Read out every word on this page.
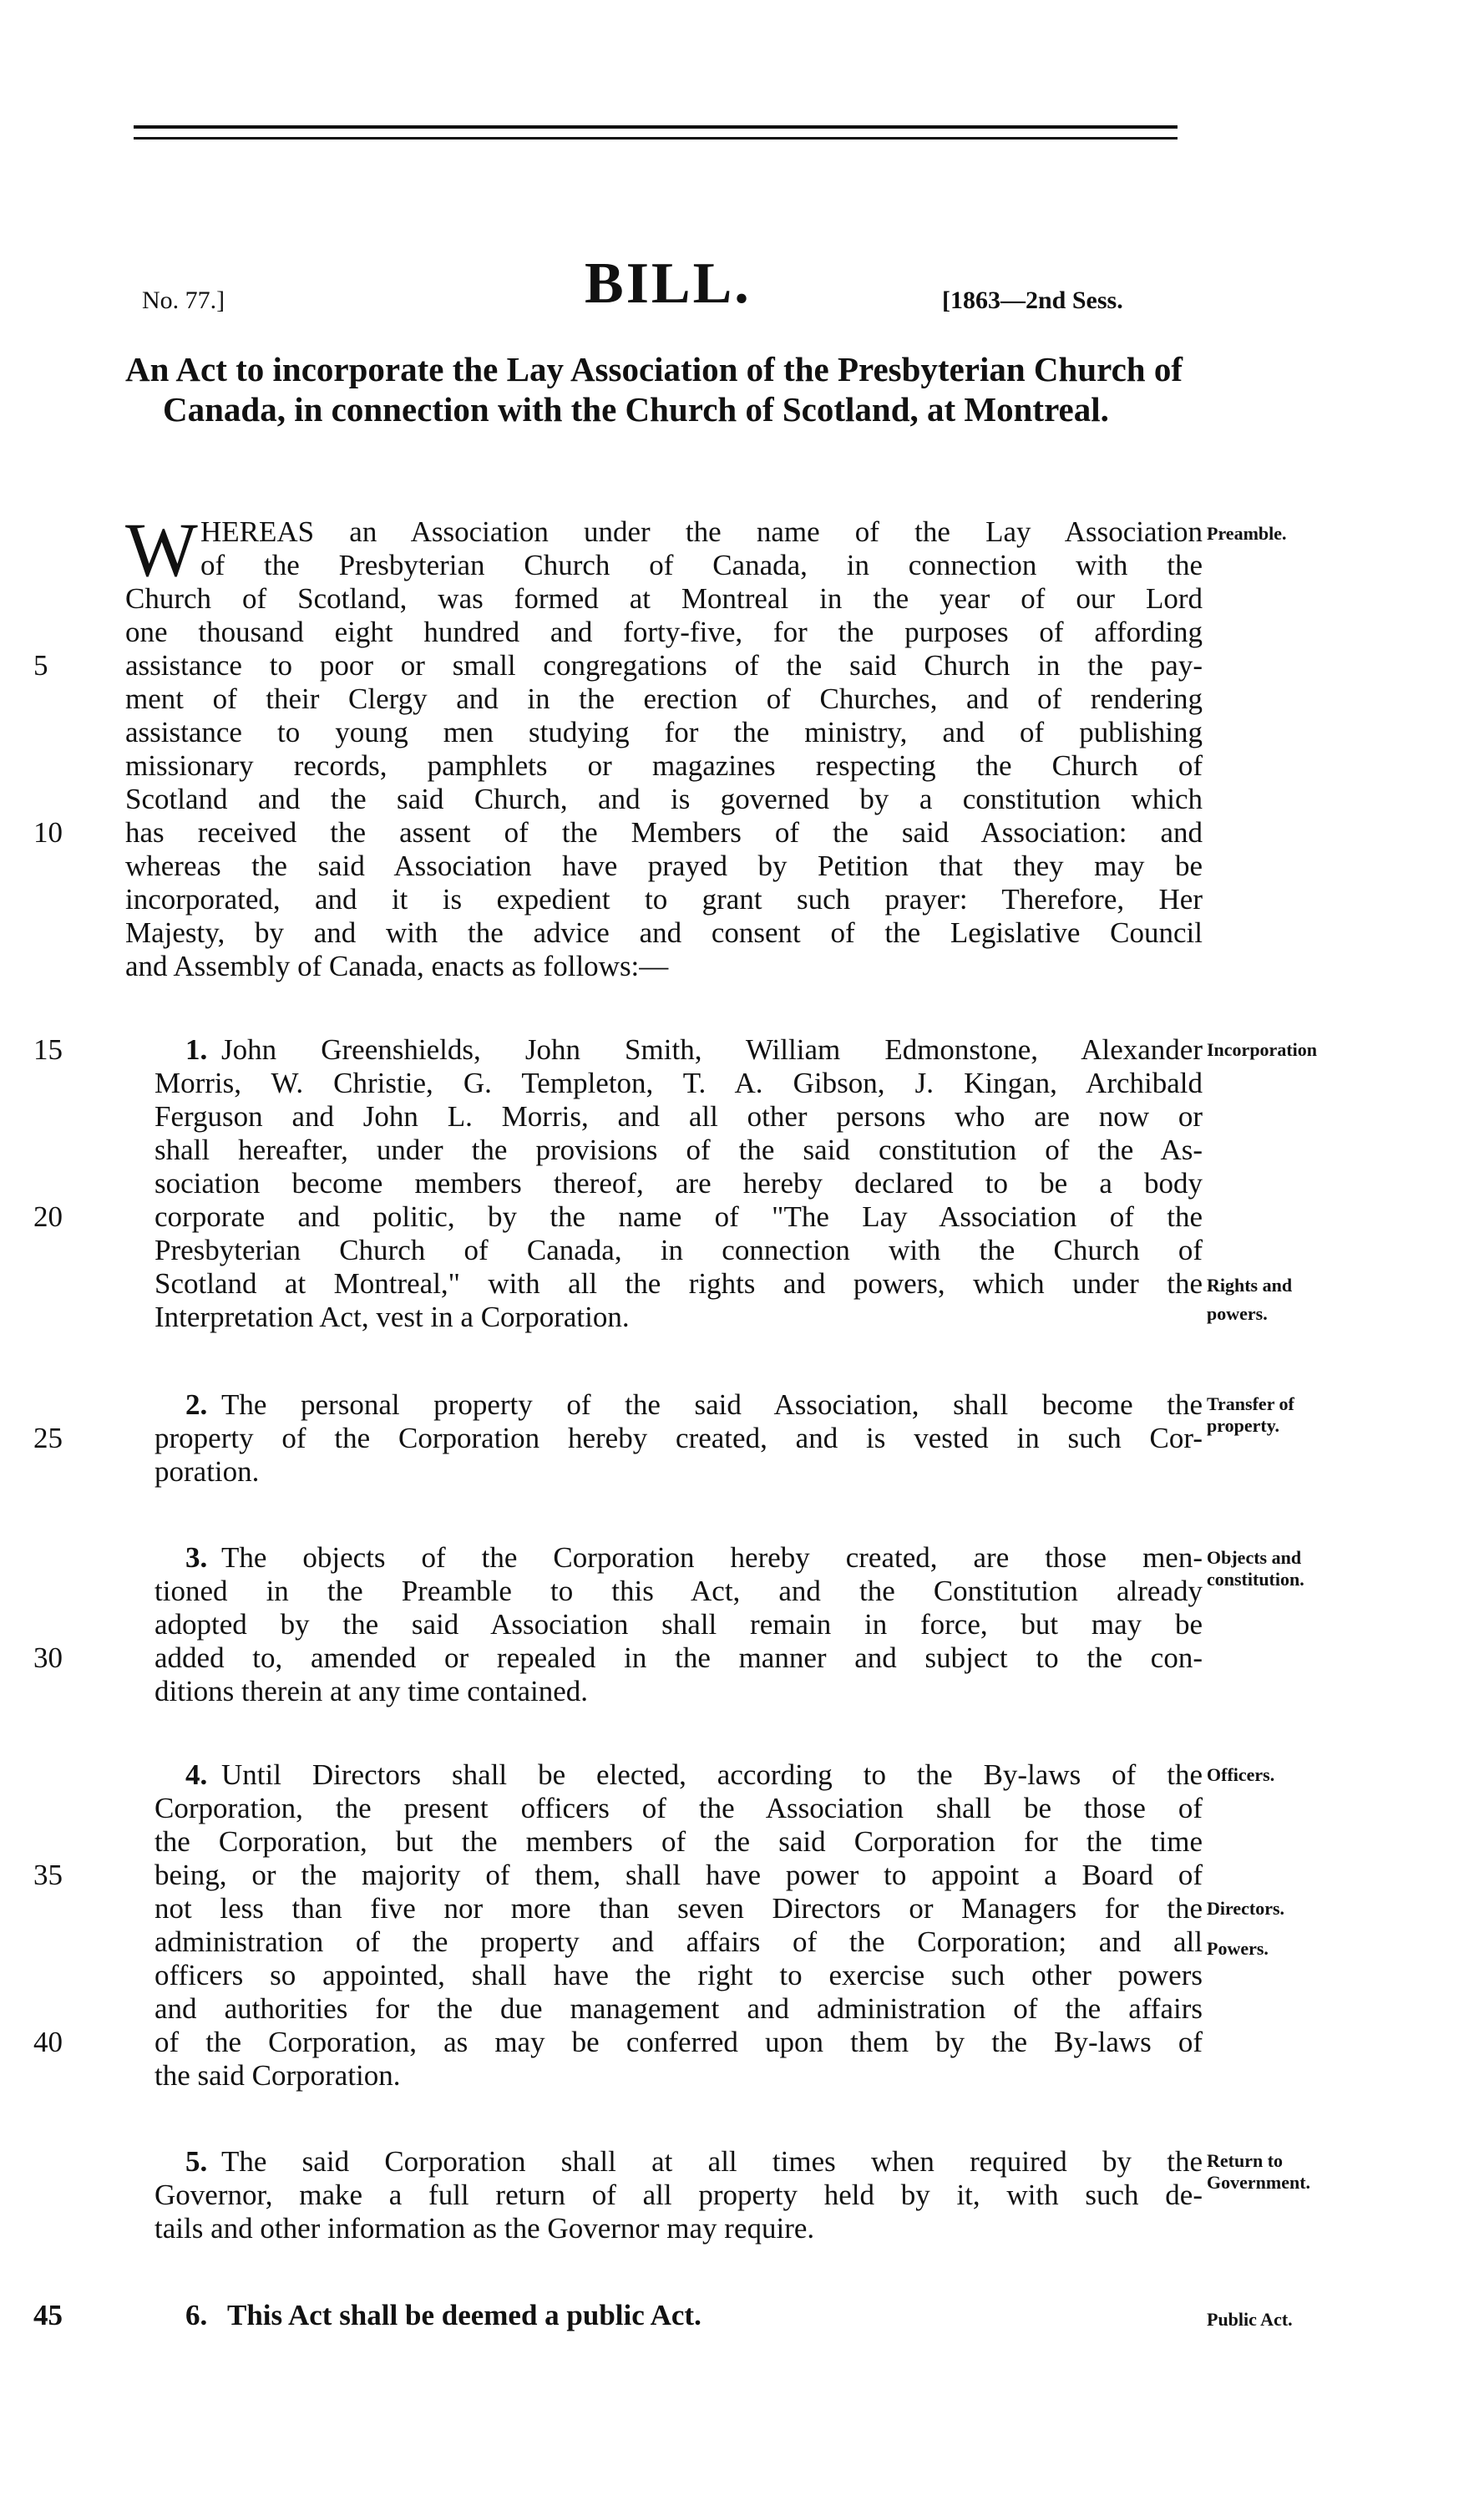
No. 77.]	BILL.	[1863—2nd Sess.
An Act to incorporate the Lay Association of the Presbyterian Church of Canada, in connection with the Church of Scotland, at Montreal.
W HEREAS an Association under the name of the Lay Association
of the Presbyterian Church of Canada, in connection with the
Church of Scotland, was formed at Montreal in the year of our Lord
one thousand eight hundred and forty-five, for the purposes of affording
assistance to poor or small congregations of the said Church in the pay-
ment of their Clergy and in the erection of Churches, and of rendering
assistance to young men studying for the ministry, and of publishing
missionary records, pamphlets or magazines respecting the Church of
Scotland and the said Church, and is governed by a constitution which
has received the assent of the Members of the said Association: and
whereas the said Association have prayed by Petition that they may be
incorporated, and it is expedient to grant such prayer: Therefore, Her
Majesty, by and with the advice and consent of the Legislative Council
and Assembly of Canada, enacts as follows:—
1. John Greenshields, John Smith, William Edmonstone, Alexander
Morris, W. Christie, G. Templeton, T. A. Gibson, J. Kingan, Archibald
Ferguson and John L. Morris, and all other persons who are now or
shall hereafter, under the provisions of the said constitution of the As-
sociation become members thereof, are hereby declared to be a body
corporate and politic, by the name of "The Lay Association of the
Presbyterian Church of Canada, in connection with the Church of
Scotland at Montreal," with all the rights and powers, which under the
Interpretation Act, vest in a Corporation.
2. The personal property of the said Association, shall become the
property of the Corporation hereby created, and is vested in such Cor-
poration.
3. The objects of the Corporation hereby created, are those men-
tioned in the Preamble to this Act, and the Constitution already
adopted by the said Association shall remain in force, but may be
added to, amended or repealed in the manner and subject to the con-
ditions therein at any time contained.
4. Until Directors shall be elected, according to the By-laws of the
Corporation, the present officers of the Association shall be those of
the Corporation, but the members of the said Corporation for the time
being, or the majority of them, shall have power to appoint a Board of
not less than five nor more than seven Directors or Managers for the
administration of the property and affairs of the Corporation; and all
officers so appointed, shall have the right to exercise such other powers
and authorities for the due management and administration of the affairs
of the Corporation, as may be conferred upon them by the By-laws of
the said Corporation.
5. The said Corporation shall at all times when required by the
Governor, make a full return of all property held by it, with such de-
tails and other information as the Governor may require.
6. This Act shall be deemed a public Act.
5
10
15
20
25
30
35
40
45
Preamble.
Incorporation
Rights and
powers.
Transfer of
property.
Objects and
constitution.
Officers.
Directors.
Powers.
Return to
Government.
Public Act.
